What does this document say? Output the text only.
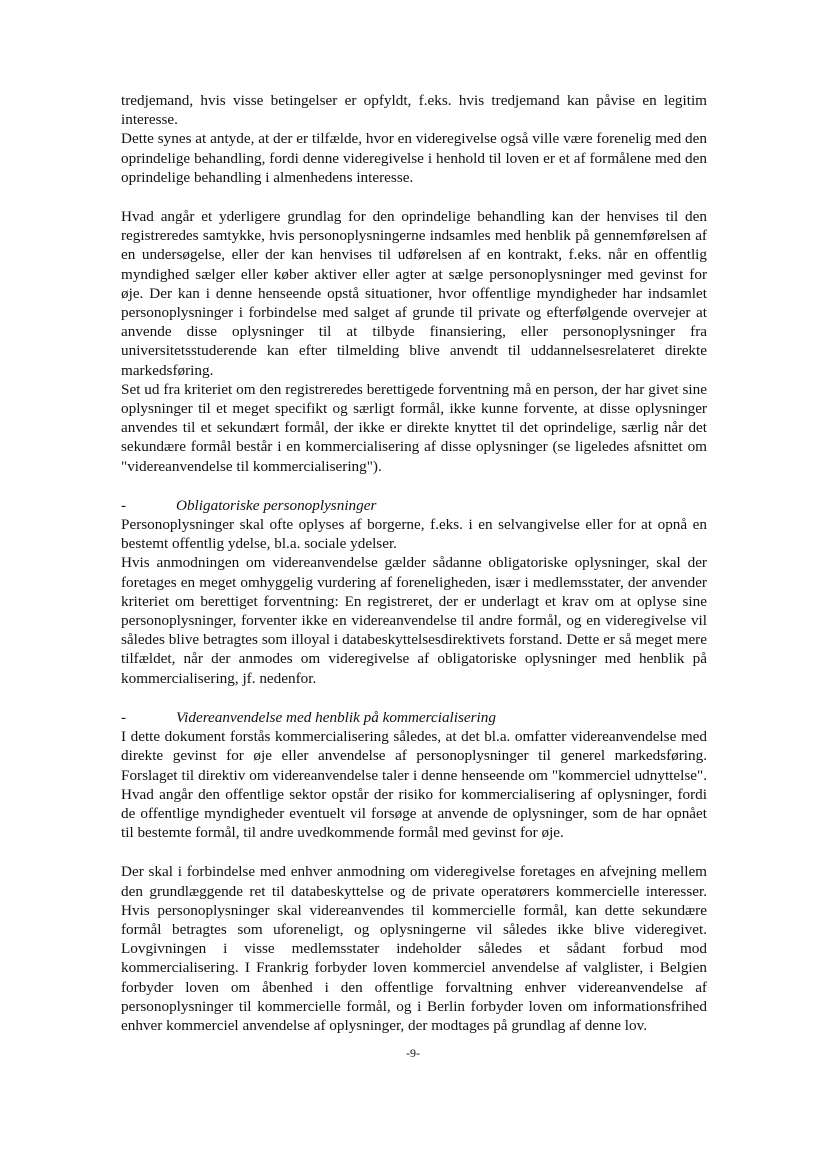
tredjemand, hvis visse betingelser er opfyldt, f.eks. hvis tredjemand kan påvise en legitim interesse.

Dette synes at antyde, at der er tilfælde, hvor en videregivelse også ville være forenelig med den oprindelige behandling, fordi denne videregivelse i henhold til loven er et af formålene med den oprindelige behandling i almenhedens interesse.

Hvad angår et yderligere grundlag for den oprindelige behandling kan der henvises til den registreredes samtykke, hvis personoplysningerne indsamles med henblik på gennemførelsen af en undersøgelse, eller der kan henvises til udførelsen af en kontrakt, f.eks. når en offentlig myndighed sælger eller køber aktiver eller agter at sælge personoplysninger med gevinst for øje. Der kan i denne henseende opstå situationer, hvor offentlige myndigheder har indsamlet personoplysninger i forbindelse med salget af grunde til private og efterfølgende overvejer at anvende disse oplysninger til at tilbyde finansiering, eller personoplysninger fra universitetsstuderende kan efter tilmelding blive anvendt til uddannelsesrelateret direkte markedsføring.

Set ud fra kriteriet om den registreredes berettigede forventning må en person, der har givet sine oplysninger til et meget specifikt og særligt formål, ikke kunne forvente, at disse oplysninger anvendes til et sekundært formål, der ikke er direkte knyttet til det oprindelige, særlig når det sekundære formål består i en kommercialisering af disse oplysninger (se ligeledes afsnittet om "videreanvendelse til kommercialisering").

-	Obligatoriske personoplysninger

Personoplysninger skal ofte oplyses af borgerne, f.eks. i en selvangivelse eller for at opnå en bestemt offentlig ydelse, bl.a. sociale ydelser.

Hvis anmodningen om videreanvendelse gælder sådanne obligatoriske oplysninger, skal der foretages en meget omhyggelig vurdering af foreneligheden, især i medlemsstater, der anvender kriteriet om berettiget forventning: En registreret, der er underlagt et krav om at oplyse sine personoplysninger, forventer ikke en videreanvendelse til andre formål, og en videregivelse vil således blive betragtes som illoyal i databeskyttelsesdirektivets forstand. Dette er så meget mere tilfældet, når der anmodes om videregivelse af obligatoriske oplysninger med henblik på kommercialisering, jf. nedenfor.

-	Videreanvendelse med henblik på kommercialisering

I dette dokument forstås kommercialisering således, at det bl.a. omfatter videreanvendelse med direkte gevinst for øje eller anvendelse af personoplysninger til generel markedsføring. Forslaget til direktiv om videreanvendelse taler i denne henseende om "kommerciel udnyttelse". Hvad angår den offentlige sektor opstår der risiko for kommercialisering af oplysninger, fordi de offentlige myndigheder eventuelt vil forsøge at anvende de oplysninger, som de har opnået til bestemte formål, til andre uvedkommende formål med gevinst for øje.

Der skal i forbindelse med enhver anmodning om videregivelse foretages en afvejning mellem den grundlæggende ret til databeskyttelse og de private operatørers kommercielle interesser. Hvis personoplysninger skal videreanvendes til kommercielle formål, kan dette sekundære formål betragtes som uforeneligt, og oplysningerne vil således ikke blive videregivet. Lovgivningen i visse medlemsstater indeholder således et sådant forbud mod kommercialisering. I Frankrig forbyder loven kommerciel anvendelse af valglister, i Belgien forbyder loven om åbenhed i den offentlige forvaltning enhver videreanvendelse af personoplysninger til kommercielle formål, og i Berlin forbyder loven om informationsfrihed enhver kommerciel anvendelse af oplysninger, der modtages på grundlag af denne lov.

-9-
